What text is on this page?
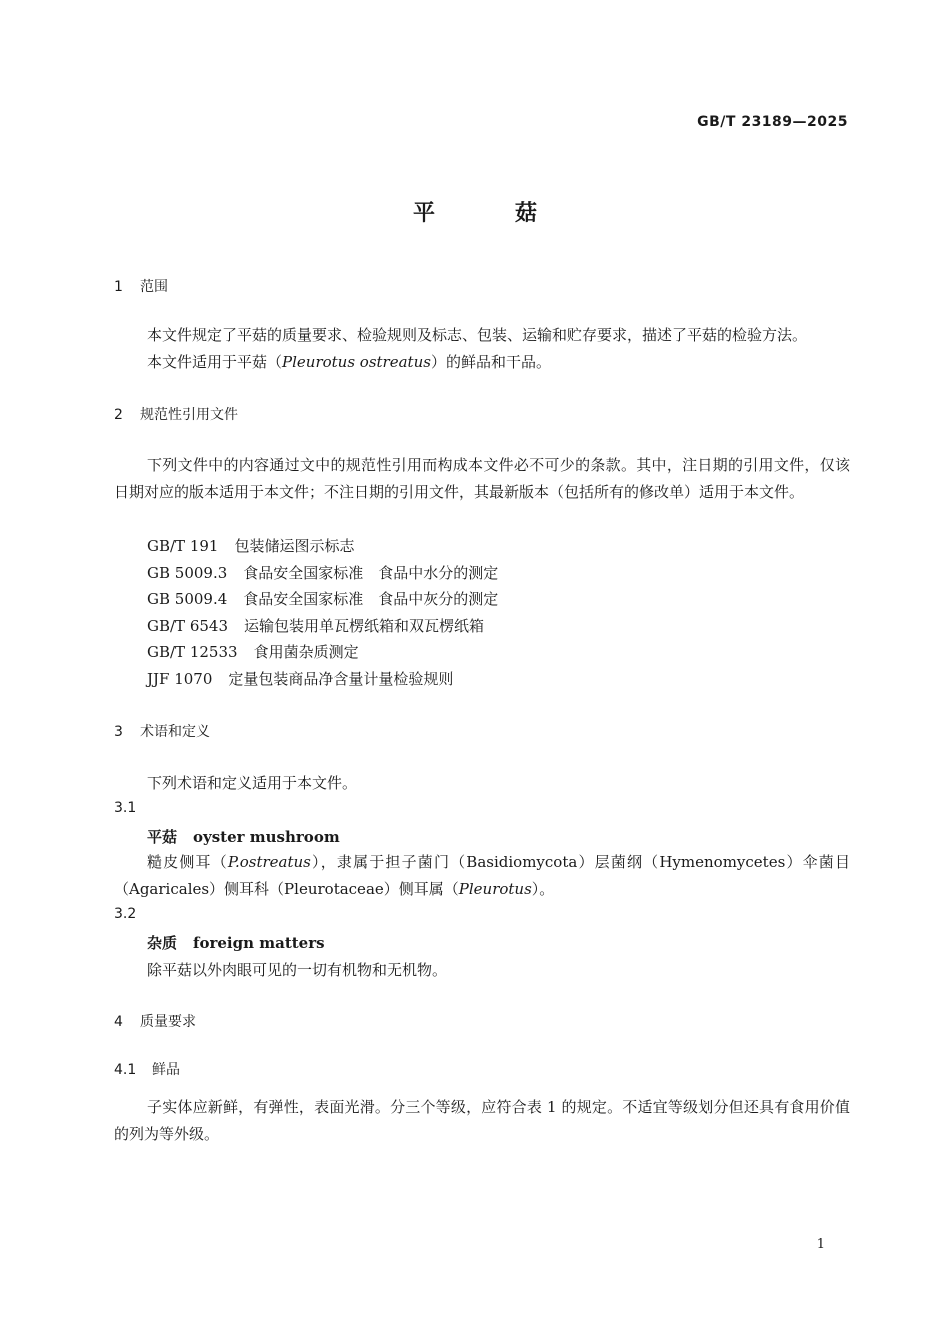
GB/T 23189—2025
平	菇
1 范围
本文件规定了平菇的质量要求、检验规则及标志、包装、运输和贮存要求，描述了平菇的检验方法。
本文件适用于平菇（Pleurotus ostreatus）的鲜品和干品。
2 规范性引用文件
下列文件中的内容通过文中的规范性引用而构成本文件必不可少的条款。其中，注日期的引用文件，仅该日期对应的版本适用于本文件；不注日期的引用文件，其最新版本（包括所有的修改单）适用于本文件。
GB/T 191 包装储运图示标志
GB 5009.3 食品安全国家标准　食品中水分的测定
GB 5009.4 食品安全国家标准　食品中灰分的测定
GB/T 6543 运输包装用单瓦楞纸箱和双瓦楞纸箱
GB/T 12533 食用菌杂质测定
JJF 1070 定量包装商品净含量计量检验规则
3 术语和定义
下列术语和定义适用于本文件。
3.1
平菇 oyster mushroom
糙皮侧耳（P.ostreatus），隶属于担子菌门（Basidiomycota）层菌纲（Hymenomycetes）伞菌目（Agaricales）侧耳科（Pleurotaceae）侧耳属（Pleurotus）。
3.2
杂质 foreign matters
除平菇以外肉眼可见的一切有机物和无机物。
4 质量要求
4.1 鲜品
子实体应新鲜，有弹性，表面光滑。分三个等级，应符合表 1 的规定。不适宜等级划分但还具有食用价值的列为等外级。
1
